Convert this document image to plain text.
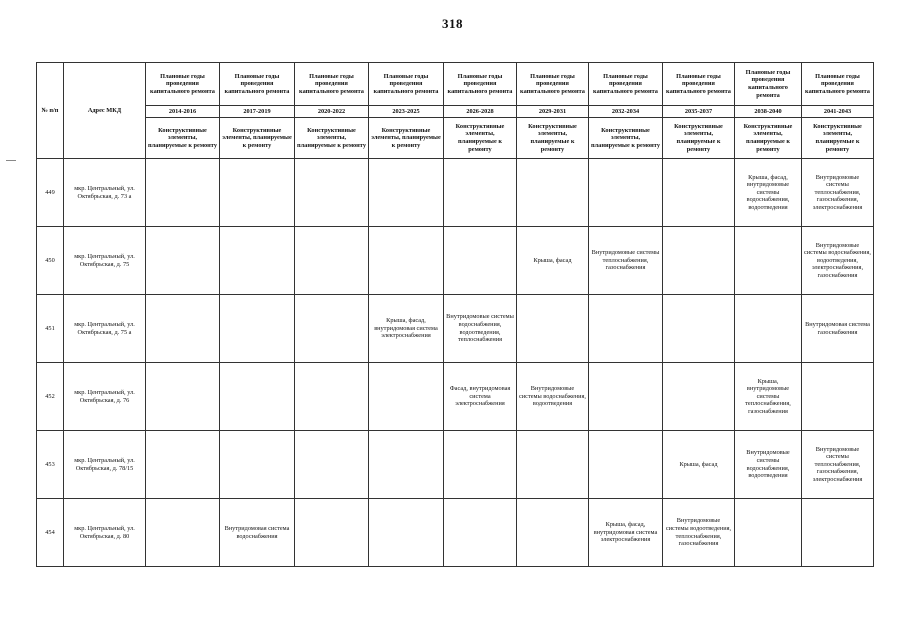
318
№ п/п	Адрес МКД	Плановые годы проведения капитального ремонта	Плановые годы проведения капитального ремонта	Плановые годы проведения капитального ремонта	Плановые годы проведения капитального ремонта	Плановые годы проведения капитального ремонта	Плановые годы проведения капитального ремонта	Плановые годы проведения капитального ремонта	Плановые годы проведения капитального ремонта	Плановые годы проведения капитального ремонта	Плановые годы проведения капитального ремонта
		2014-2016	2017-2019	2020-2022	2023-2025	2026-2028	2029-2031	2032-2034	2035-2037	2038-2040	2041-2043
		Конструктивные элементы, планируемые к ремонту	Конструктивные элементы, планируемые к ремонту	Конструктивные элементы, планируемые к ремонту	Конструктивные элементы, планируемые к ремонту	Конструктивные элементы, планируемые к ремонту	Конструктивные элементы, планируемые к ремонту	Конструктивные элементы, планируемые к ремонту	Конструктивные элементы, планируемые к ремонту	Конструктивные элементы, планируемые к ремонту	Конструктивные элементы, планируемые к ремонту
449	мкр. Центральный, ул. Октябрьская, д. 73 а									Крыша, фасад, внутридомовые системы водоснабжения, водоотведения	Внутридомовые системы теплоснабжения, газоснабжения, электроснабжения
450	мкр. Центральный, ул. Октябрьская, д. 75						Крыша, фасад	Внутридомовые системы теплоснабжения, газоснабжения			Внутридомовые системы водоснабжения, водоотведения, электроснабжения, газоснабжения
451	мкр. Центральный, ул. Октябрьская, д. 75 а				Крыша, фасад, внутридомовая система электроснабжения	Внутридомовые системы водоснабжения, водоотведения, теплоснабжения					Внутридомовая система газоснабжения
452	мкр. Центральный, ул. Октябрьская, д. 76					Фасад, внутридомовая система электроснабжения	Внутридомовые системы водоснабжения, водоотведения			Крыша, внутридомовые системы теплоснабжения, газоснабжения	
453	мкр. Центральный, ул. Октябрьская, д. 78/15								Крыша, фасад	Внутридомовые системы водоснабжения, водоотведения	Внутридомовые системы теплоснабжения, газоснабжения, электроснабжения
454	мкр. Центральный, ул. Октябрьская, д. 80		Внутридомовая система водоснабжения					Крыша, фасад, внутридомовая система электроснабжения	Внутридомовые системы водоотведения, теплоснабжения, газоснабжения		
